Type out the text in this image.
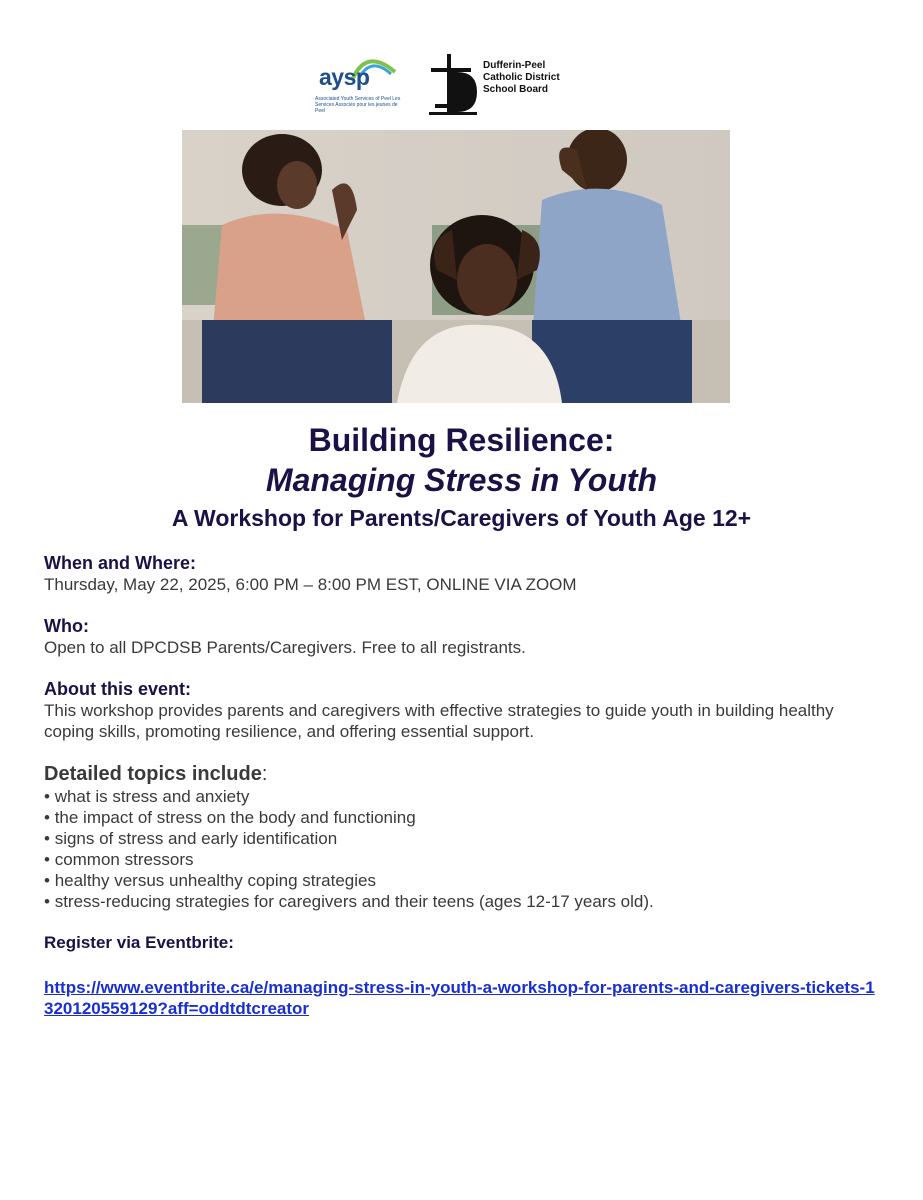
aysp
Associated Youth Services of Peel Les Services Associés pour les jeunes de Peel
Dufferin-Peel
Catholic District
School Board
Building Resilience:
Managing Stress in Youth
A Workshop for Parents/Caregivers of Youth Age 12+
When and Where:
Thursday, May 22, 2025, 6:00 PM – 8:00 PM EST, ONLINE VIA ZOOM
Who:
Open to all DPCDSB Parents/Caregivers. Free to all registrants.
About this event:
This workshop provides parents and caregivers with effective strategies to guide youth in building healthy coping skills, promoting resilience, and offering essential support.
Detailed topics include:
• what is stress and anxiety
• the impact of stress on the body and functioning
• signs of stress and early identification
• common stressors
• healthy versus unhealthy coping strategies
• stress-reducing strategies for caregivers and their teens (ages 12-17 years old).
Register via Eventbrite:
https://www.eventbrite.ca/e/managing-stress-in-youth-a-workshop-for-parents-and-caregivers-tickets-1320120559129?aff=oddtdtcreator
